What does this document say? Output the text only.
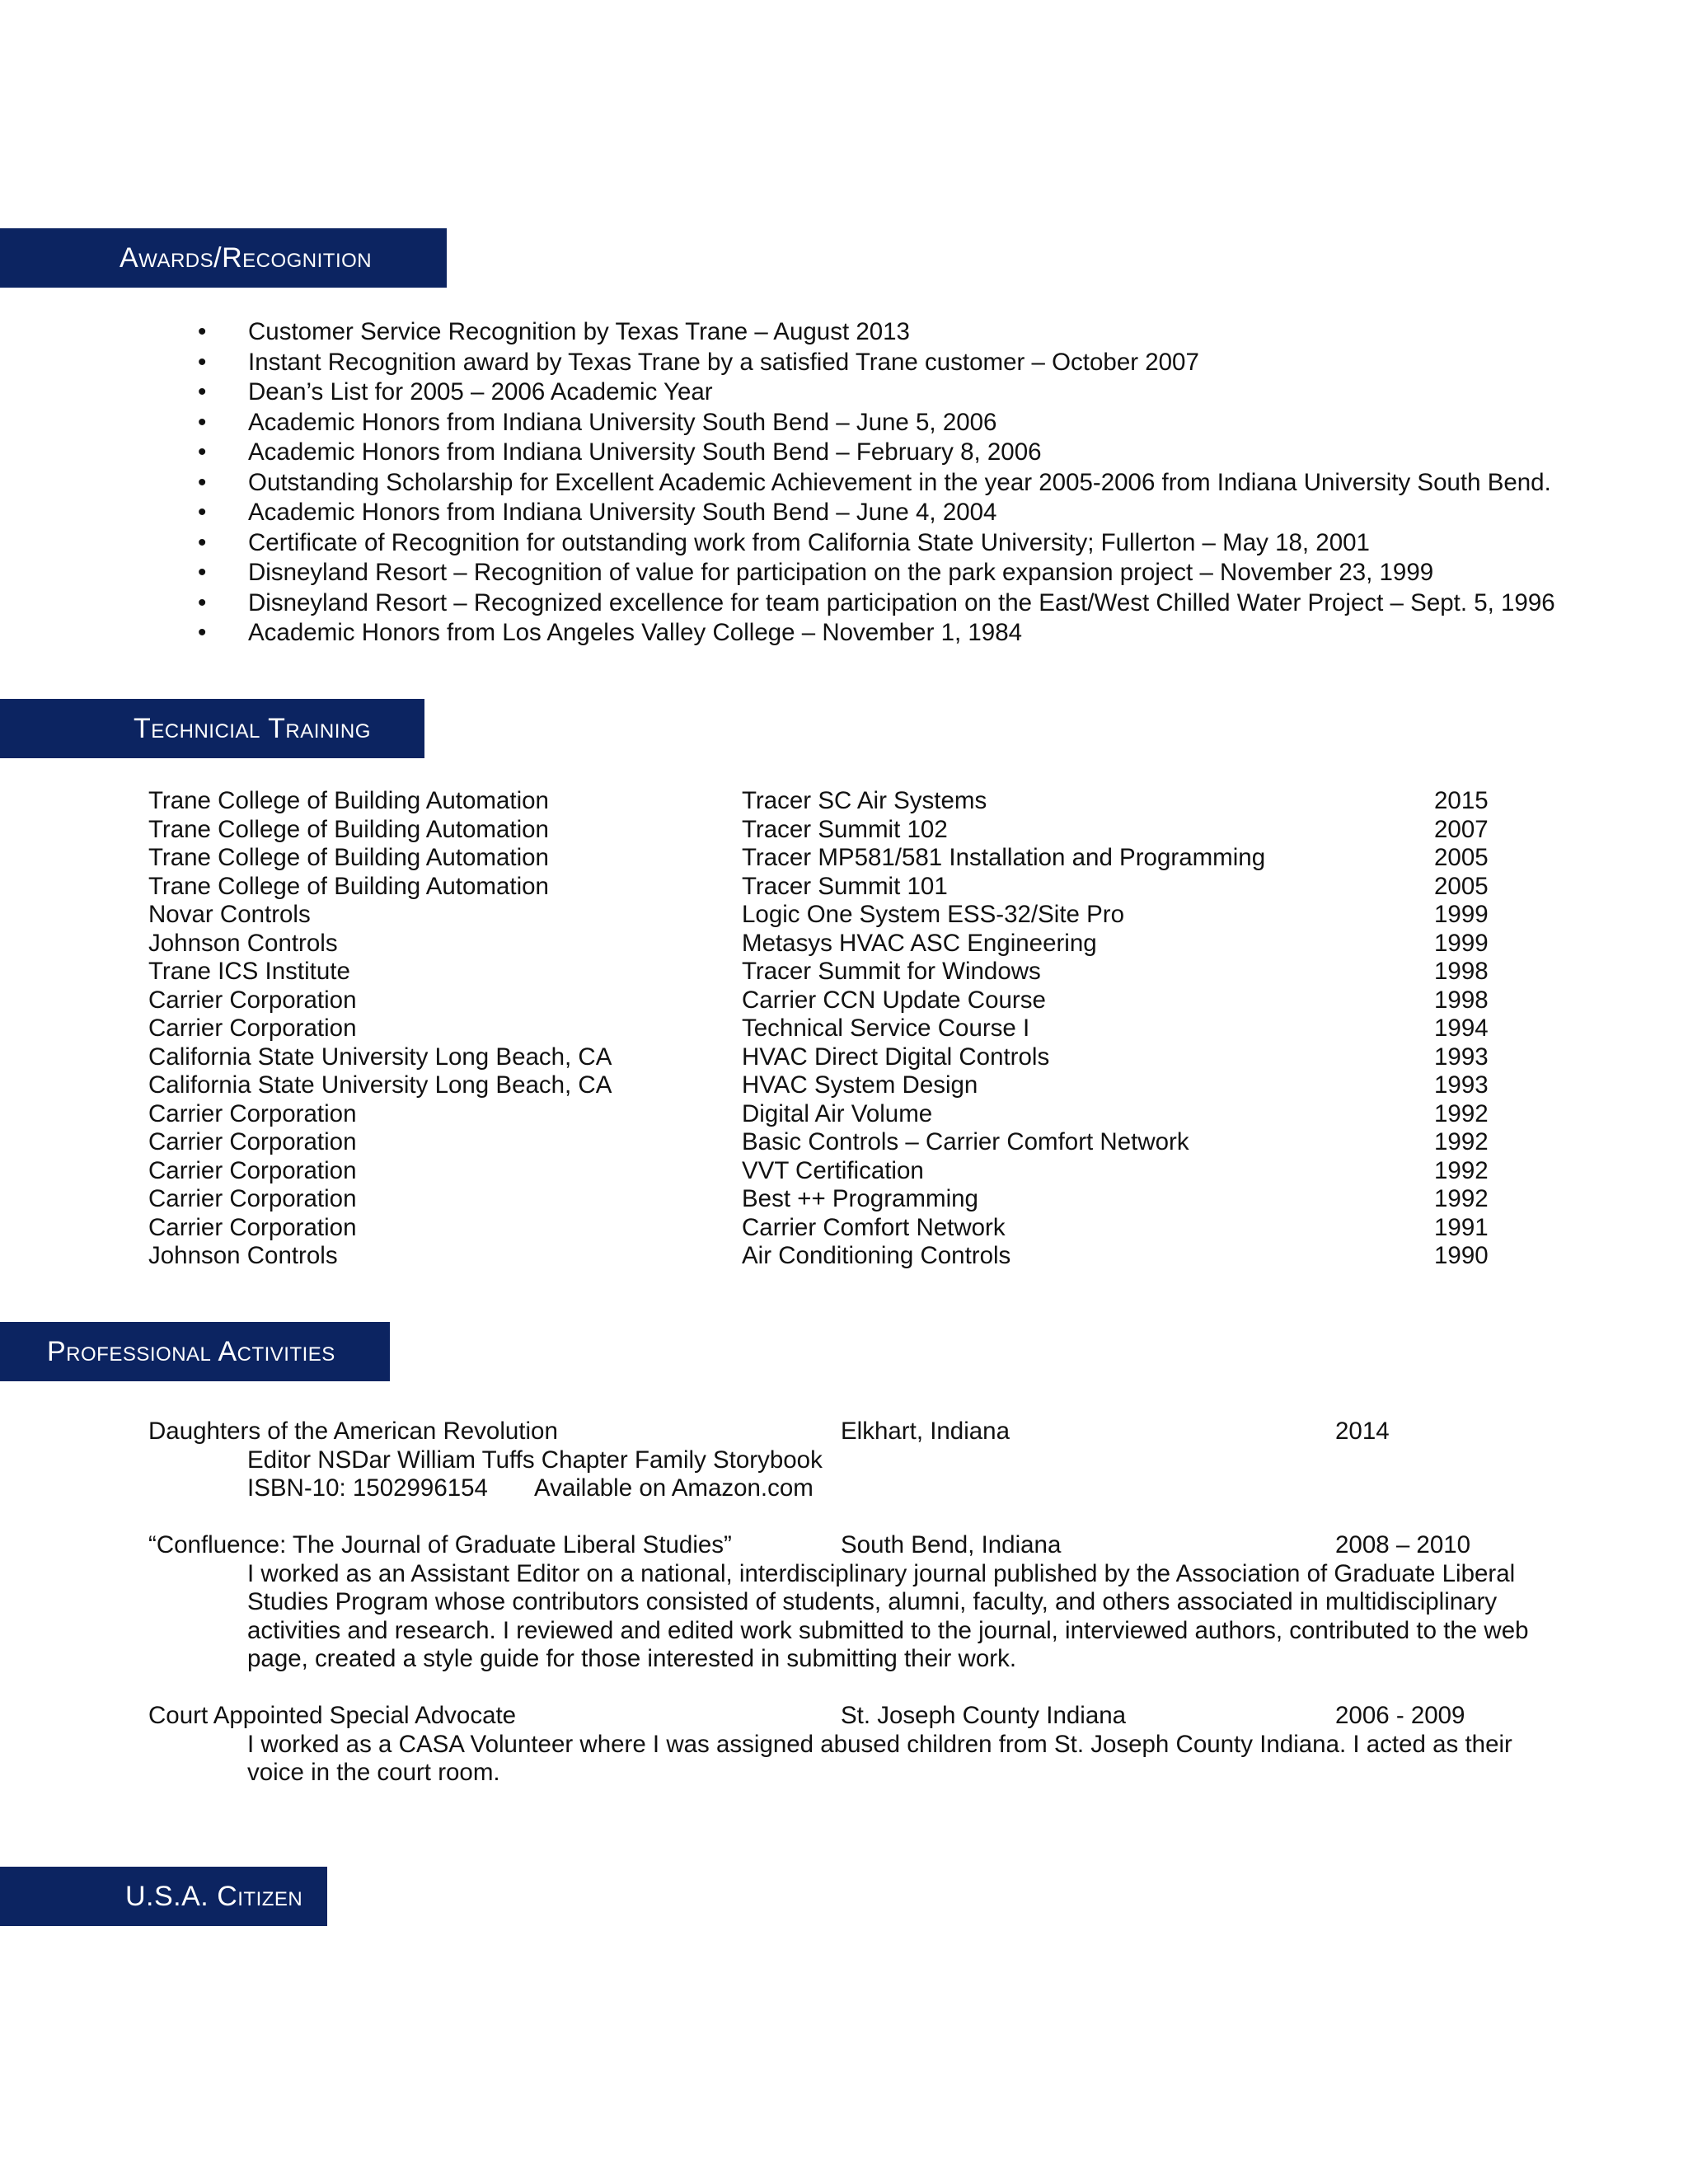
Awards/Recognition
• Customer Service Recognition by Texas Trane – August 2013
• Instant Recognition award by Texas Trane by a satisfied Trane customer – October 2007
• Dean’s List for 2005 – 2006 Academic Year
• Academic Honors from Indiana University South Bend – June 5, 2006
• Academic Honors from Indiana University South Bend – February 8, 2006
• Outstanding Scholarship for Excellent Academic Achievement in the year 2005-2006 from Indiana University South Bend.
• Academic Honors from Indiana University South Bend – June 4, 2004
• Certificate of Recognition for outstanding work from California State University; Fullerton – May 18, 2001
• Disneyland Resort – Recognition of value for participation on the park expansion project – November 23, 1999
• Disneyland Resort – Recognized excellence for team participation on the East/West Chilled Water Project – Sept. 5, 1996
• Academic Honors from Los Angeles Valley College – November 1, 1984
Technicial Training
Trane College of Building Automation	Tracer SC Air Systems	2015
Trane College of Building Automation	Tracer Summit 102	2007
Trane College of Building Automation	Tracer MP581/581 Installation and Programming	2005
Trane College of Building Automation	Tracer Summit 101	2005
Novar Controls	Logic One System ESS-32/Site Pro	1999
Johnson Controls	Metasys HVAC ASC Engineering	1999
Trane ICS Institute	Tracer Summit for Windows	1998
Carrier Corporation	Carrier CCN Update Course	1998
Carrier Corporation	Technical Service Course I	1994
California State University Long Beach, CA	HVAC Direct Digital Controls	1993
California State University Long Beach, CA	HVAC System Design	1993
Carrier Corporation	Digital Air Volume	1992
Carrier Corporation	Basic Controls – Carrier Comfort Network	1992
Carrier Corporation	VVT Certification	1992
Carrier Corporation	Best ++ Programming	1992
Carrier Corporation	Carrier Comfort Network	1991
Johnson Controls	Air Conditioning Controls	1990
Professional Activities
Daughters of the American Revolution	Elkhart, Indiana	2014
Editor NSDar William Tuffs Chapter Family Storybook
ISBN-10: 1502996154 Available on Amazon.com
“Confluence: The Journal of Graduate Liberal Studies”	South Bend, Indiana	2008 – 2010
I worked as an Assistant Editor on a national, interdisciplinary journal published by the Association of Graduate Liberal Studies Program whose contributors consisted of students, alumni, faculty, and others associated in multidisciplinary activities and research. I reviewed and edited work submitted to the journal, interviewed authors, contributed to the web page, created a style guide for those interested in submitting their work.
Court Appointed Special Advocate	St. Joseph County Indiana	2006 - 2009
I worked as a CASA Volunteer where I was assigned abused children from St. Joseph County Indiana. I acted as their voice in the court room.
U.S.A. Citizen
